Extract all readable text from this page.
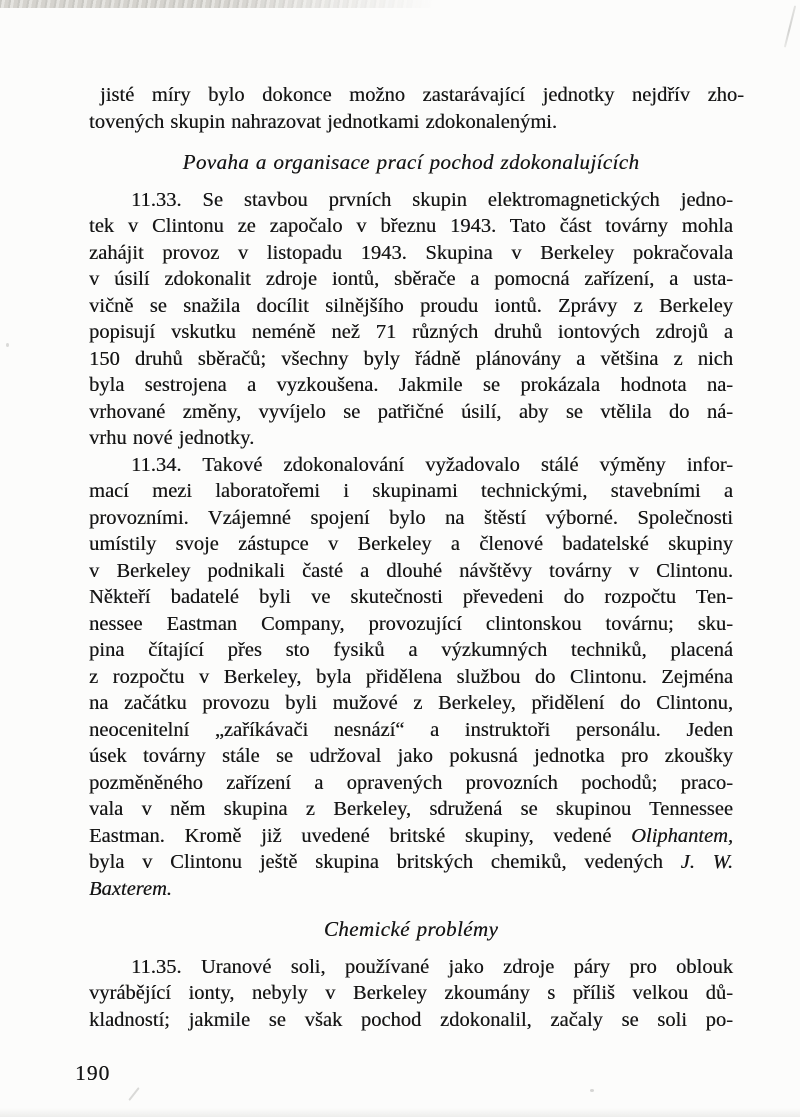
jisté míry bylo dokonce možno zastarávající jednotky nejdřív zho-
tovených skupin nahrazovat jednotkami zdokonalenými.
Povaha a organisace prací pochod zdokonalujících
11.33. Se stavbou prvních skupin elektromagnetických jedno-
tek v Clintonu ze započalo v březnu 1943. Tato část továrny mohla
zahájit provoz v listopadu 1943. Skupina v Berkeley pokračovala
v úsilí zdokonalit zdroje iontů, sběrače a pomocná zařízení, a usta-
vičně se snažila docílit silnějšího proudu iontů. Zprávy z Berkeley
popisují vskutku neméně než 71 různých druhů iontových zdrojů a
150 druhů sběračů; všechny byly řádně plánovány a většina z nich
byla sestrojena a vyzkoušena. Jakmile se prokázala hodnota na-
vrhované změny, vyvíjelo se patřičné úsilí, aby se vtělila do ná-
vrhu nové jednotky.
11.34. Takové zdokonalování vyžadovalo stálé výměny infor-
mací mezi laboratořemi i skupinami technickými, stavebními a
provozními. Vzájemné spojení bylo na štěstí výborné. Společnosti
umístily svoje zástupce v Berkeley a členové badatelské skupiny
v Berkeley podnikali časté a dlouhé návštěvy továrny v Clintonu.
Někteří badatelé byli ve skutečnosti převedeni do rozpočtu Ten-
nessee Eastman Company, provozující clintonskou továrnu; sku-
pina čítající přes sto fysiků a výzkumných techniků, placená
z rozpočtu v Berkeley, byla přidělena službou do Clintonu. Zejména
na začátku provozu byli mužové z Berkeley, přidělení do Clintonu,
neocenitelní „zaříkávači nesnází“ a instruktoři personálu. Jeden
úsek továrny stále se udržoval jako pokusná jednotka pro zkoušky
pozměněného zařízení a opravených provozních pochodů; praco-
vala v něm skupina z Berkeley, sdružená se skupinou Tennessee
Eastman. Kromě již uvedené britské skupiny, vedené Oliphantem,
byla v Clintonu ještě skupina britských chemiků, vedených J. W.
Baxterem.
Chemické problémy
11.35. Uranové soli, používané jako zdroje páry pro oblouk
vyrábějící ionty, nebyly v Berkeley zkoumány s příliš velkou dů-
kladností; jakmile se však pochod zdokonalil, začaly se soli po-
190
